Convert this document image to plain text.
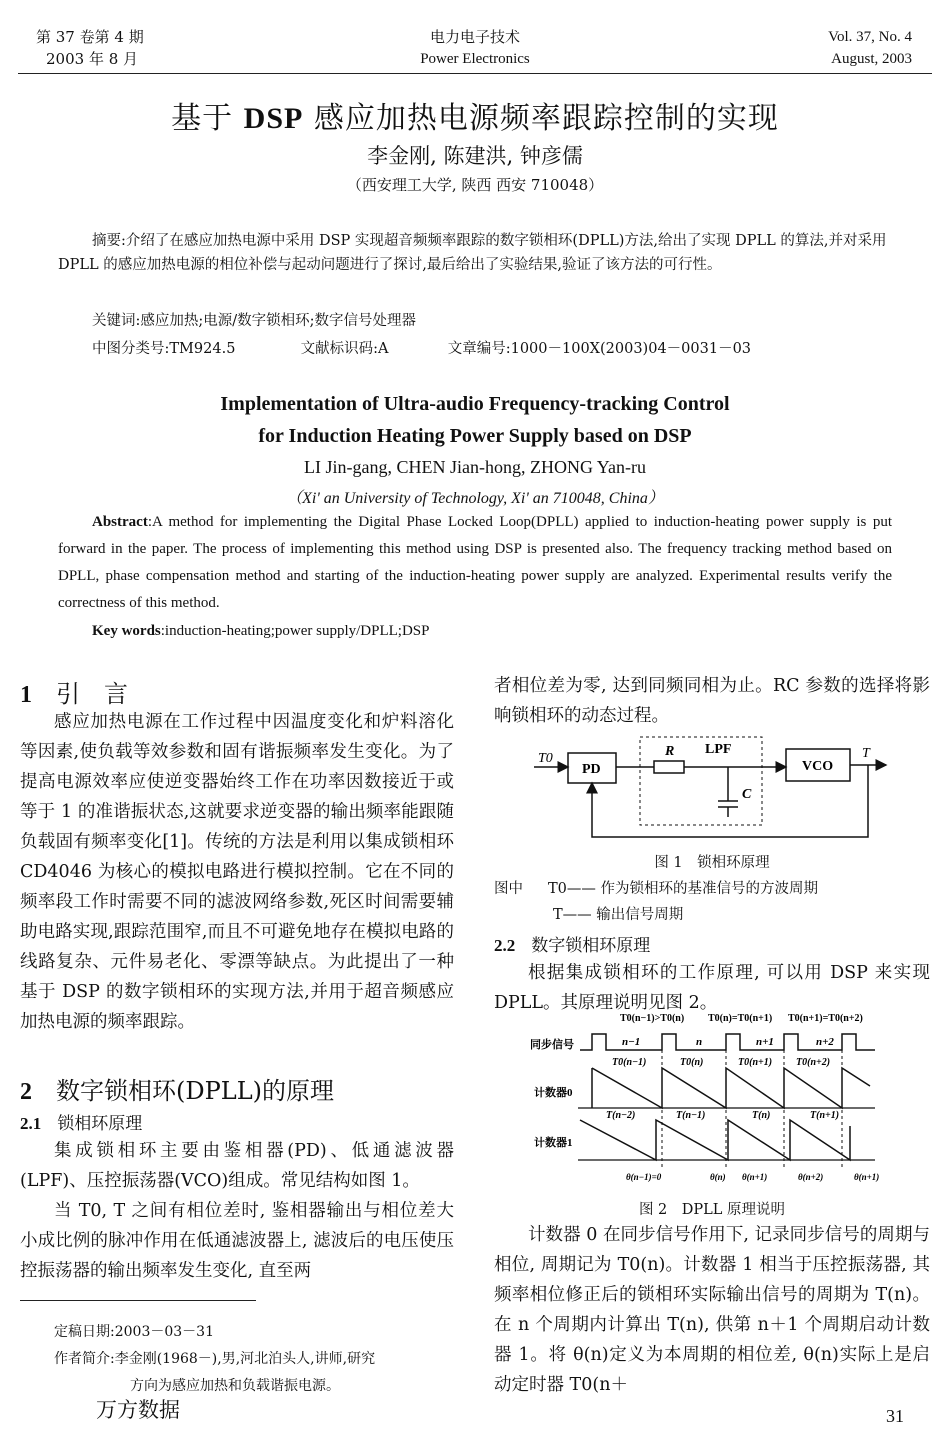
第 37 卷第 4 期
2003 年 8 月
电力电子技术
Power Electronics
Vol. 37, No. 4
August, 2003
基于 DSP 感应加热电源频率跟踪控制的实现
李金刚, 陈建洪, 钟彦儒
（西安理工大学, 陕西 西安 710048）
摘要:介绍了在感应加热电源中采用 DSP 实现超音频频率跟踪的数字锁相环(DPLL)方法,给出了实现 DPLL 的算法,并对采用 DPLL 的感应加热电源的相位补偿与起动问题进行了探讨,最后给出了实验结果,验证了该方法的可行性。
关键词:感应加热;电源/数字锁相环;数字信号处理器
中图分类号:TM924.5	文献标识码:A	文章编号:1000－100X(2003)04－0031－03
Implementation of Ultra-audio Frequency-tracking Control
for Induction Heating Power Supply based on DSP
LI Jin-gang, CHEN Jian-hong, ZHONG Yan-ru
（Xi' an University of Technology, Xi' an 710048, China）
Abstract:A method for implementing the Digital Phase Locked Loop(DPLL) applied to induction-heating power supply is put forward in the paper. The process of implementing this method using DSP is presented also. The frequency tracking method based on DPLL, phase compensation method and starting of the induction-heating power supply are analyzed. Experimental results verify the correctness of this method.
Key words:induction-heating;power supply/DPLL;DSP
1 引　言
感应加热电源在工作过程中因温度变化和炉料溶化等因素,使负载等效参数和固有谐振频率发生变化。为了提高电源效率应使逆变器始终工作在功率因数接近于或等于 1 的准谐振状态,这就要求逆变器的输出频率能跟随负载固有频率变化[1]。传统的方法是利用以集成锁相环 CD4046 为核心的模拟电路进行模拟控制。它在不同的频率段工作时需要不同的滤波网络参数,死区时间需要辅助电路实现,跟踪范围窄,而且不可避免地存在模拟电路的线路复杂、元件易老化、零漂等缺点。为此提出了一种基于 DSP 的数字锁相环的实现方法,并用于超音频感应加热电源的频率跟踪。
2 数字锁相环(DPLL)的原理
2.1 锁相环原理
集成锁相环主要由鉴相器(PD)、低通滤波器(LPF)、压控振荡器(VCO)组成。常见结构如图 1。
当 T0, T 之间有相位差时, 鉴相器输出与相位差大小成比例的脉冲作用在低通滤波器上, 滤波后的电压使压控振荡器的输出频率发生变化, 直至两
定稿日期:2003－03－31
作者简介:李金刚(1968－),男,河北泊头人,讲师,研究
方向为感应加热和负载谐振电源。
万方数据
者相位差为零, 达到同频同相为止。RC 参数的选择将影响锁相环的动态过程。
T0
PD
R LPF
C
VCO
T
图 1　锁相环原理
图中 T0—— 作为锁相环的基准信号的方波周期
T—— 输出信号周期
2.2 数字锁相环原理
根据集成锁相环的工作原理, 可以用 DSP 来实现 DPLL。其原理说明见图 2。
T0(n−1)>T0(n) T0(n)=T0(n+1) T0(n+1)=T0(n+2)
同步信号
计数器0
计数器1
n−1	n	n+1	n+2
T0(n−1)	T0(n)	T0(n+1) T0(n+2)
T(n−2)	T(n−1)	T(n)	T(n+1)
θ(n−1)=0	θ(n) θ(n+1)	θ(n+2)	θ(n+1)
图 2　DPLL 原理说明
计数器 0 在同步信号作用下, 记录同步信号的周期与相位, 周期记为 T0(n)。计数器 1 相当于压控振荡器, 其频率相位修正后的锁相环实际输出信号的周期为 T(n)。在 n 个周期内计算出 T(n), 供第 n＋1 个周期启动计数器 1。将 θ(n)定义为本周期的相位差, θ(n)实际上是启动定时器 T0(n＋
31
